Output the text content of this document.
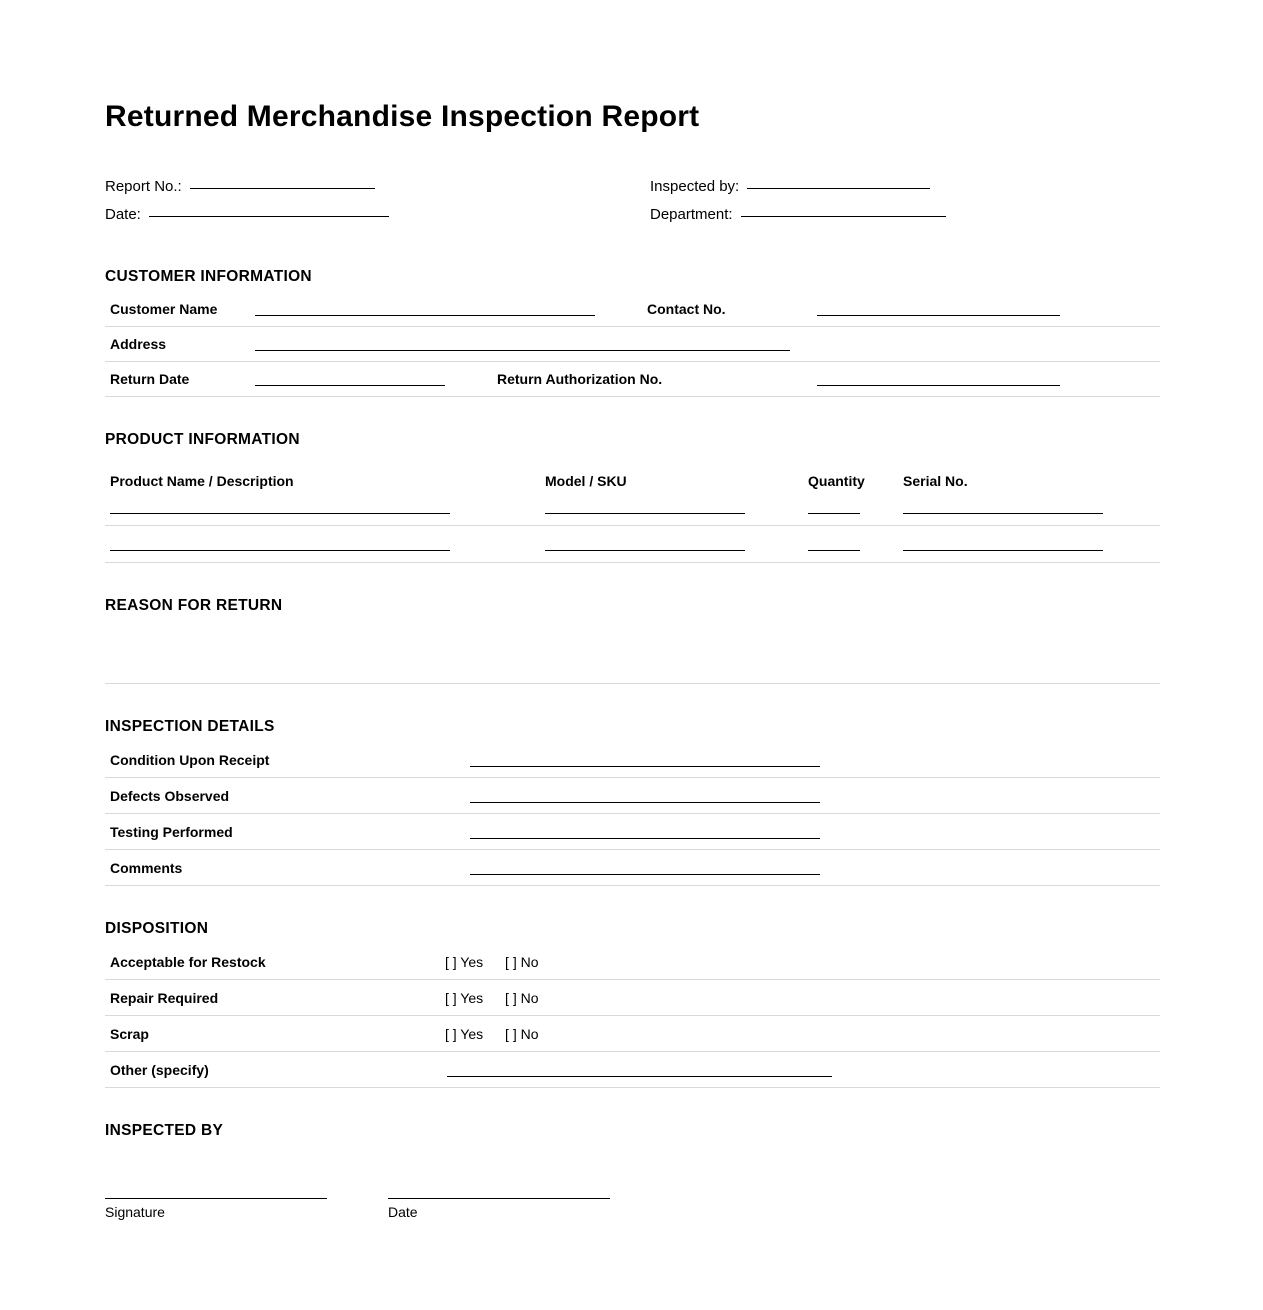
Returned Merchandise Inspection Report
Report No.:	Inspected by:
Date:	Department:
CUSTOMER INFORMATION
Customer Name	Contact No.
Address
Return Date	Return Authorization No.
PRODUCT INFORMATION
Product Name / Description	Model / SKU	Quantity	Serial No.
REASON FOR RETURN
INSPECTION DETAILS
Condition Upon Receipt
Defects Observed
Testing Performed
Comments
DISPOSITION
Acceptable for Restock	[ ] Yes [ ] No
Repair Required	[ ] Yes [ ] No
Scrap	[ ] Yes [ ] No
Other (specify)
INSPECTED BY
Signature	Date
